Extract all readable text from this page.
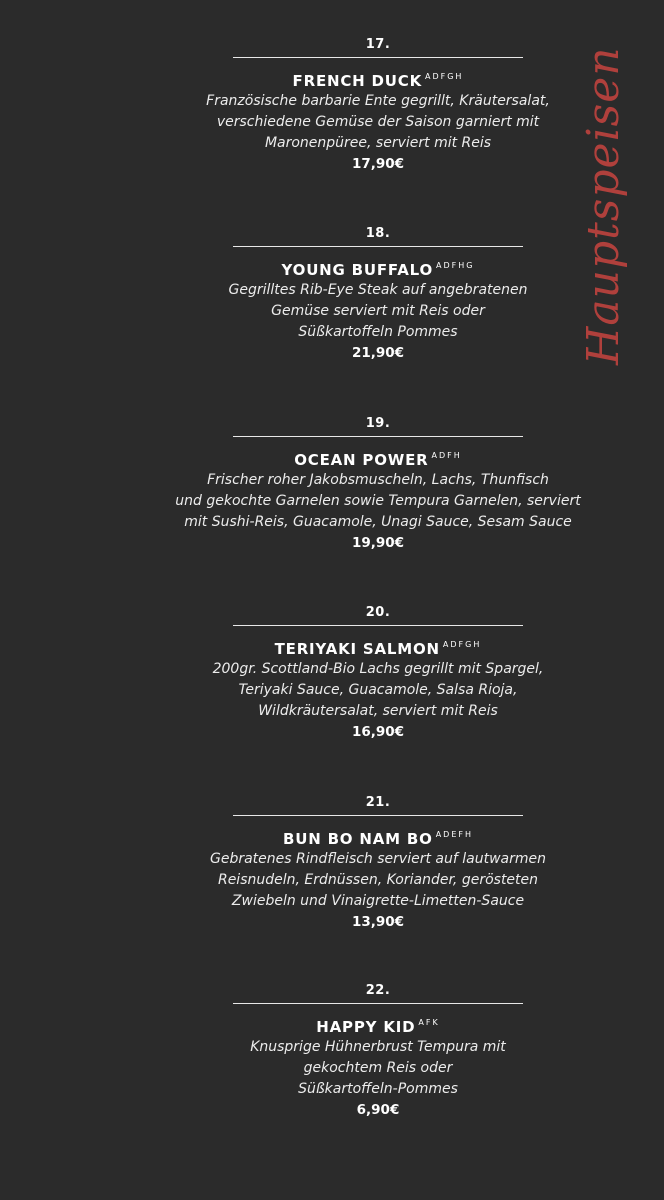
Hauptspeisen
17.
FRENCH DUCK $^{ADFGH}$
Französische barbarie Ente gegrillt, Kräutersalat,
verschiedene Gemüse der Saison garniert mit
Maronenpüree, serviert mit Reis
17,90€
18.
YOUNG BUFFALO $^{ADFHG}$
Gegrilltes Rib-Eye Steak auf angebratenen
Gemüse serviert mit Reis oder
Süßkartoffeln Pommes
21,90€
19.
OCEAN POWER $^{ADFH}$
Frischer roher Jakobsmuscheln, Lachs, Thunfisch
und gekochte Garnelen sowie Tempura Garnelen, serviert
mit Sushi-Reis, Guacamole, Unagi Sauce, Sesam Sauce
19,90€
20.
TERIYAKI SALMON $^{ADFGH}$
200gr. Scottland-Bio Lachs gegrillt mit Spargel,
Teriyaki Sauce, Guacamole, Salsa Rioja,
Wildkräutersalat, serviert mit Reis
16,90€
21.
BUN BO NAM BO $^{ADEFH}$
Gebratenes Rindfleisch serviert auf lautwarmen
Reisnudeln, Erdnüssen, Koriander, gerösteten
Zwiebeln und Vinaigrette-Limetten-Sauce
13,90€
22.
HAPPY KID $^{AFK}$
Knusprige Hühnerbrust Tempura mit
gekochtem Reis oder
Süßkartoffeln-Pommes
6,90€
